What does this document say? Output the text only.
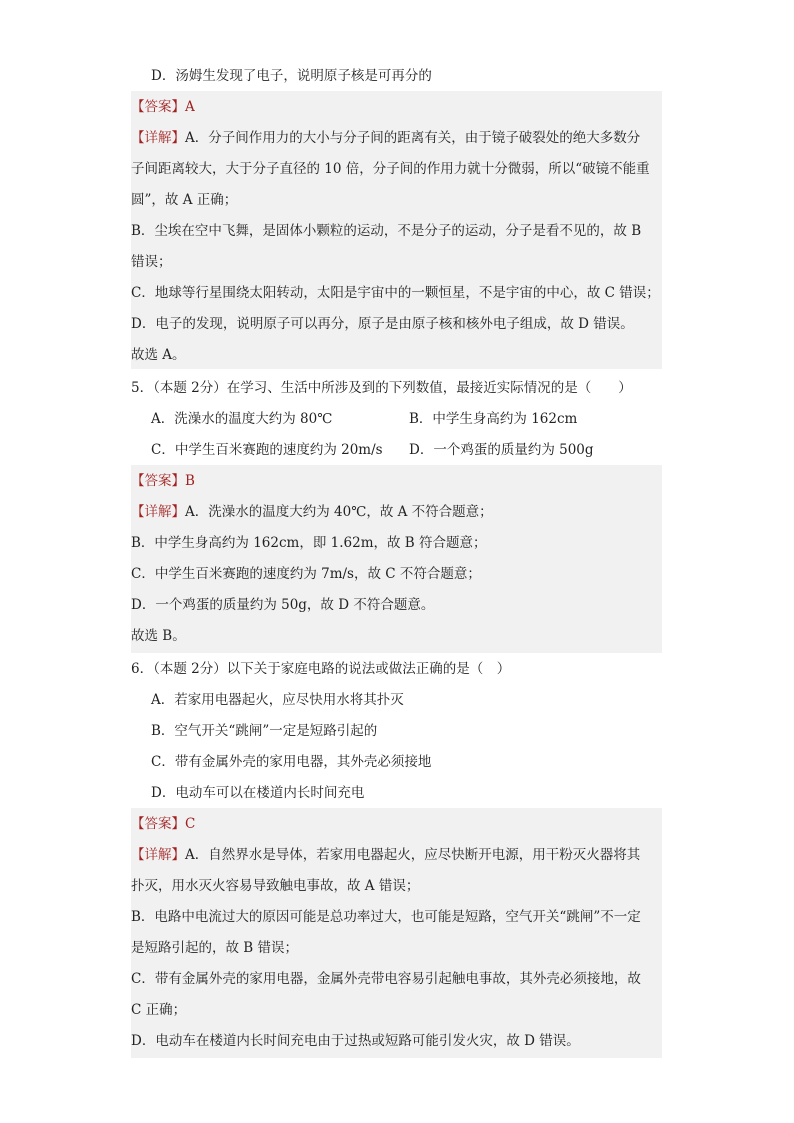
D．汤姆生发现了电子，说明原子核是可再分的
【答案】A
【详解】A．分子间作用力的大小与分子间的距离有关，由于镜子破裂处的绝大多数分
子间距离较大，大于分子直径的 10 倍，分子间的作用力就十分微弱，所以“破镜不能重
圆”，故 A 正确；
B．尘埃在空中飞舞，是固体小颗粒的运动，不是分子的运动，分子是看不见的，故 B
错误；
C．地球等行星围绕太阳转动，太阳是宇宙中的一颗恒星，不是宇宙的中心，故 C 错误；
D．电子的发现，说明原子可以再分，原子是由原子核和核外电子组成，故 D 错误。
故选 A。
5．（本题 2分）在学习、生活中所涉及到的下列数值，最接近实际情况的是（　　）
A．洗澡水的温度大约为 80℃	B．中学生身高约为 162cm
C．中学生百米赛跑的速度约为 20m/s D．一个鸡蛋的质量约为 500g
【答案】B
【详解】A．洗澡水的温度大约为 40℃，故 A 不符合题意；
B．中学生身高约为 162cm，即 1.62m，故 B 符合题意；
C．中学生百米赛跑的速度约为 7m/s，故 C 不符合题意；
D．一个鸡蛋的质量约为 50g，故 D 不符合题意。
故选 B。
6．（本题 2分）以下关于家庭电路的说法或做法正确的是（　）
A．若家用电器起火，应尽快用水将其扑灭
B．空气开关“跳闸”一定是短路引起的
C．带有金属外壳的家用电器，其外壳必须接地
D．电动车可以在楼道内长时间充电
【答案】C
【详解】A．自然界水是导体，若家用电器起火，应尽快断开电源，用干粉灭火器将其
扑灭，用水灭火容易导致触电事故，故 A 错误；
B．电路中电流过大的原因可能是总功率过大，也可能是短路，空气开关“跳闸”不一定
是短路引起的，故 B 错误；
C．带有金属外壳的家用电器，金属外壳带电容易引起触电事故，其外壳必须接地，故
C 正确；
D．电动车在楼道内长时间充电由于过热或短路可能引发火灾，故 D 错误。
